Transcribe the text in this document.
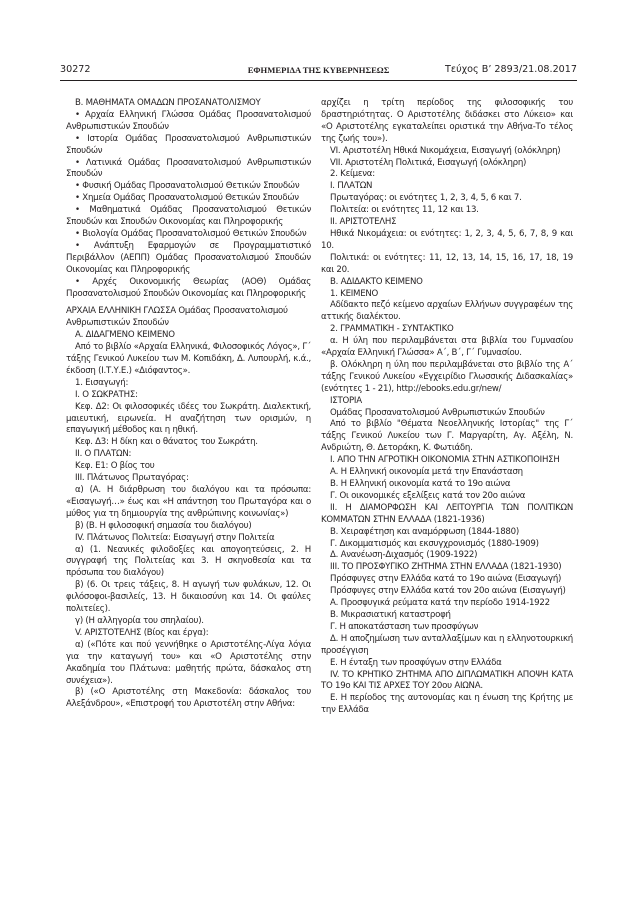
30272	ΕΦΗΜΕΡΙΔΑ ΤΗΣ ΚΥΒΕΡΝΗΣΕΩΣ	Τεύχος Β’ 2893/21.08.2017

Β. ΜΑΘΗΜΑΤΑ ΟΜΑΔΩΝ ΠΡΟΣΑΝΑΤΟΛΙΣΜΟΥ

• Αρχαία Ελληνική Γλώσσα Ομάδας Προσανατολισμού Ανθρωπιστικών Σπουδών

• Ιστορία Ομάδας Προσανατολισμού Ανθρωπιστικών Σπουδών

• Λατινικά Ομάδας Προσανατολισμού Ανθρωπιστικών Σπουδών

• Φυσική Ομάδας Προσανατολισμού Θετικών Σπουδών

• Χημεία Ομάδας Προσανατολισμού Θετικών Σπουδών

• Μαθηματικά Ομάδας Προσανατολισμού Θετικών Σπουδών και Σπουδών Οικονομίας και Πληροφορικής

• Βιολογία Ομάδας Προσανατολισμού Θετικών Σπουδών

• Ανάπτυξη Εφαρμογών σε Προγραμματιστικό Περιβάλλον (ΑΕΠΠ) Ομάδας Προσανατολισμού Σπουδών Οικονομίας και Πληροφορικής

• Αρχές Οικονομικής Θεωρίας (ΑΟΘ) Ομάδας Προσανατολισμού Σπουδών Οικονομίας και Πληροφορικής

ΑΡΧΑΙΑ ΕΛΛΗΝΙΚΗ ΓΛΩΣΣΑ Ομάδας Προσανατολισμού Ανθρωπιστικών Σπουδών

Α. ΔΙΔΑΓΜΕΝΟ ΚΕΙΜΕΝΟ

Από το βιβλίο «Αρχαία Ελληνικά, Φιλοσοφικός Λόγος», Γ΄ τάξης Γενικού Λυκείου των Μ. Κοπιδάκη, Δ. Λυπουρλή, κ.ά., έκδοση (Ι.Τ.Υ.Ε.) «Διόφαντος».

1. Εισαγωγή:

Ι. Ο ΣΩΚΡΑΤΗΣ:

Κεφ. Δ2: Οι φιλοσοφικές ιδέες του Σωκράτη. Διαλεκτική, μαιευτική, ειρωνεία. Η αναζήτηση των ορισμών, η επαγωγική μέθοδος και η ηθική.

Κεφ. Δ3: Η δίκη και ο θάνατος του Σωκράτη.

ΙΙ. Ο ΠΛΑΤΩΝ:

Κεφ. Ε1: Ο βίος του

ΙΙΙ. Πλάτωνος Πρωταγόρας:

α) (Α. Η διάρθρωση του διαλόγου και τα πρόσωπα: «Εισαγωγή…» έως και «Η απάντηση του Πρωταγόρα και ο μύθος για τη δημιουργία της ανθρώπινης κοινωνίας»)

β) (Β. Η φιλοσοφική σημασία του διαλόγου)

IV. Πλάτωνος Πολιτεία: Εισαγωγή στην Πολιτεία

α) (1. Νεανικές φιλοδοξίες και απογοητεύσεις, 2. Η συγγραφή της Πολιτείας και 3. Η σκηνοθεσία και τα πρόσωπα του διαλόγου)

β) (6. Οι τρεις τάξεις, 8. Η αγωγή των φυλάκων, 12. Οι φιλόσοφοι-βασιλείς, 13. Η δικαιοσύνη και 14. Οι φαύλες πολιτείες).

γ) (Η αλληγορία του σπηλαίου).

V. ΑΡΙΣΤΟΤΕΛΗΣ (Βίος και έργα):

α) («Πότε και πού γεννήθηκε ο Αριστοτέλης-Λίγα λόγια για την καταγωγή του» και «Ο Αριστοτέλης στην Ακαδημία του Πλάτωνα: μαθητής πρώτα, δάσκαλος στη συνέχεια»).

β) («Ο Αριστοτέλης στη Μακεδονία: δάσκαλος του Αλεξάνδρου», «Επιστροφή του Αριστοτέλη στην Αθήνα:

αρχίζει η τρίτη περίοδος της φιλοσοφικής του δραστηριότητας. Ο Αριστοτέλης διδάσκει στο Λύκειο» και «Ο Αριστοτέλης εγκαταλείπει οριστικά την Αθήνα-Το τέλος της ζωής του»).

VI. Αριστοτέλη Ηθικά Νικομάχεια, Εισαγωγή (ολόκληρη)

VII. Αριστοτέλη Πολιτικά, Εισαγωγή (ολόκληρη)

2. Κείμενα:

Ι. ΠΛΑΤΩΝ

Πρωταγόρας: οι ενότητες 1, 2, 3, 4, 5, 6 και 7.

Πολιτεία: οι ενότητες 11, 12 και 13.

ΙΙ. ΑΡΙΣΤΟΤΕΛΗΣ

Ηθικά Νικομάχεια: οι ενότητες: 1, 2, 3, 4, 5, 6, 7, 8, 9 και 10.

Πολιτικά: οι ενότητες: 11, 12, 13, 14, 15, 16, 17, 18, 19 και 20.

Β. ΑΔΙΔΑΚΤΟ ΚΕΙΜΕΝΟ

1. ΚΕΙΜΕΝΟ

Αδίδακτο πεζό κείμενο αρχαίων Ελλήνων συγγραφέων της αττικής διαλέκτου.

2. ΓΡΑΜΜΑΤΙΚΗ - ΣΥΝΤΑΚΤΙΚΟ

α. Η ύλη που περιλαμβάνεται στα βιβλία του Γυμνασίου «Αρχαία Ελληνική Γλώσσα» Α΄, Β΄, Γ΄ Γυμνασίου.

β. Ολόκληρη η ύλη που περιλαμβάνεται στο βιβλίο της Α΄ τάξης Γενικού Λυκείου «Εγχειρίδιο Γλωσσικής Διδασκαλίας» (ενότητες 1 - 21), http://ebooks.edu.gr/new/

ΙΣΤΟΡΙΑ

Ομάδας Προσανατολισμού Ανθρωπιστικών Σπουδών

Από το βιβλίο "Θέματα Νεοελληνικής Ιστορίας" της Γ΄ τάξης Γενικού Λυκείου των Γ. Μαργαρίτη, Αγ. Αξέλη, Ν. Ανδριώτη, Θ. Δετοράκη, Κ. Φωτιάδη.

Ι. ΑΠΟ ΤΗΝ ΑΓΡΟΤΙΚΗ ΟΙΚΟΝΟΜΙΑ ΣΤΗΝ ΑΣΤΙΚΟΠΟΙΗΣΗ

Α. Η Ελληνική οικονομία μετά την Επανάσταση

Β. Η Ελληνική οικονομία κατά το 19ο αιώνα

Γ. Οι οικονομικές εξελίξεις κατά τον 20ο αιώνα

ΙΙ. Η ΔΙΑΜΟΡΦΩΣΗ ΚΑΙ ΛΕΙΤΟΥΡΓΙΑ ΤΩΝ ΠΟΛΙΤΙΚΩΝ ΚΟΜΜΑΤΩΝ ΣΤΗΝ ΕΛΛΑΔΑ (1821-1936)

Β. Χειραφέτηση και αναμόρφωση (1844-1880)

Γ. Δικομματισμός και εκσυγχρονισμός (1880-1909)

Δ. Ανανέωση-Διχασμός (1909-1922)

III. ΤΟ ΠΡΟΣΦΥΓΙΚΟ ΖΗΤΗΜΑ ΣΤΗΝ ΕΛΛΑΔΑ (1821-1930)

Πρόσφυγες στην Ελλάδα κατά το 19ο αιώνα (Εισαγωγή)

Πρόσφυγες στην Ελλάδα κατά τον 20ο αιώνα (Εισαγωγή)

Α. Προσφυγικά ρεύματα κατά την περίοδο 1914-1922

Β. Μικρασιατική καταστροφή

Γ. Η αποκατάσταση των προσφύγων

Δ. Η αποζημίωση των ανταλλαξίμων και η ελληνοτουρκική προσέγγιση

Ε. Η ένταξη των προσφύγων στην Ελλάδα

IV. ΤΟ ΚΡΗΤΙΚΟ ΖΗΤΗΜΑ ΑΠΟ ΔΙΠΛΩΜΑΤΙΚΗ ΑΠΟΨΗ ΚΑΤΑ ΤΟ 19ο ΚΑΙ ΤΙΣ ΑΡΧΕΣ ΤΟΥ 20ου ΑΙΩΝΑ.

Ε. Η περίοδος της αυτονομίας και η ένωση της Κρήτης με την Ελλάδα
